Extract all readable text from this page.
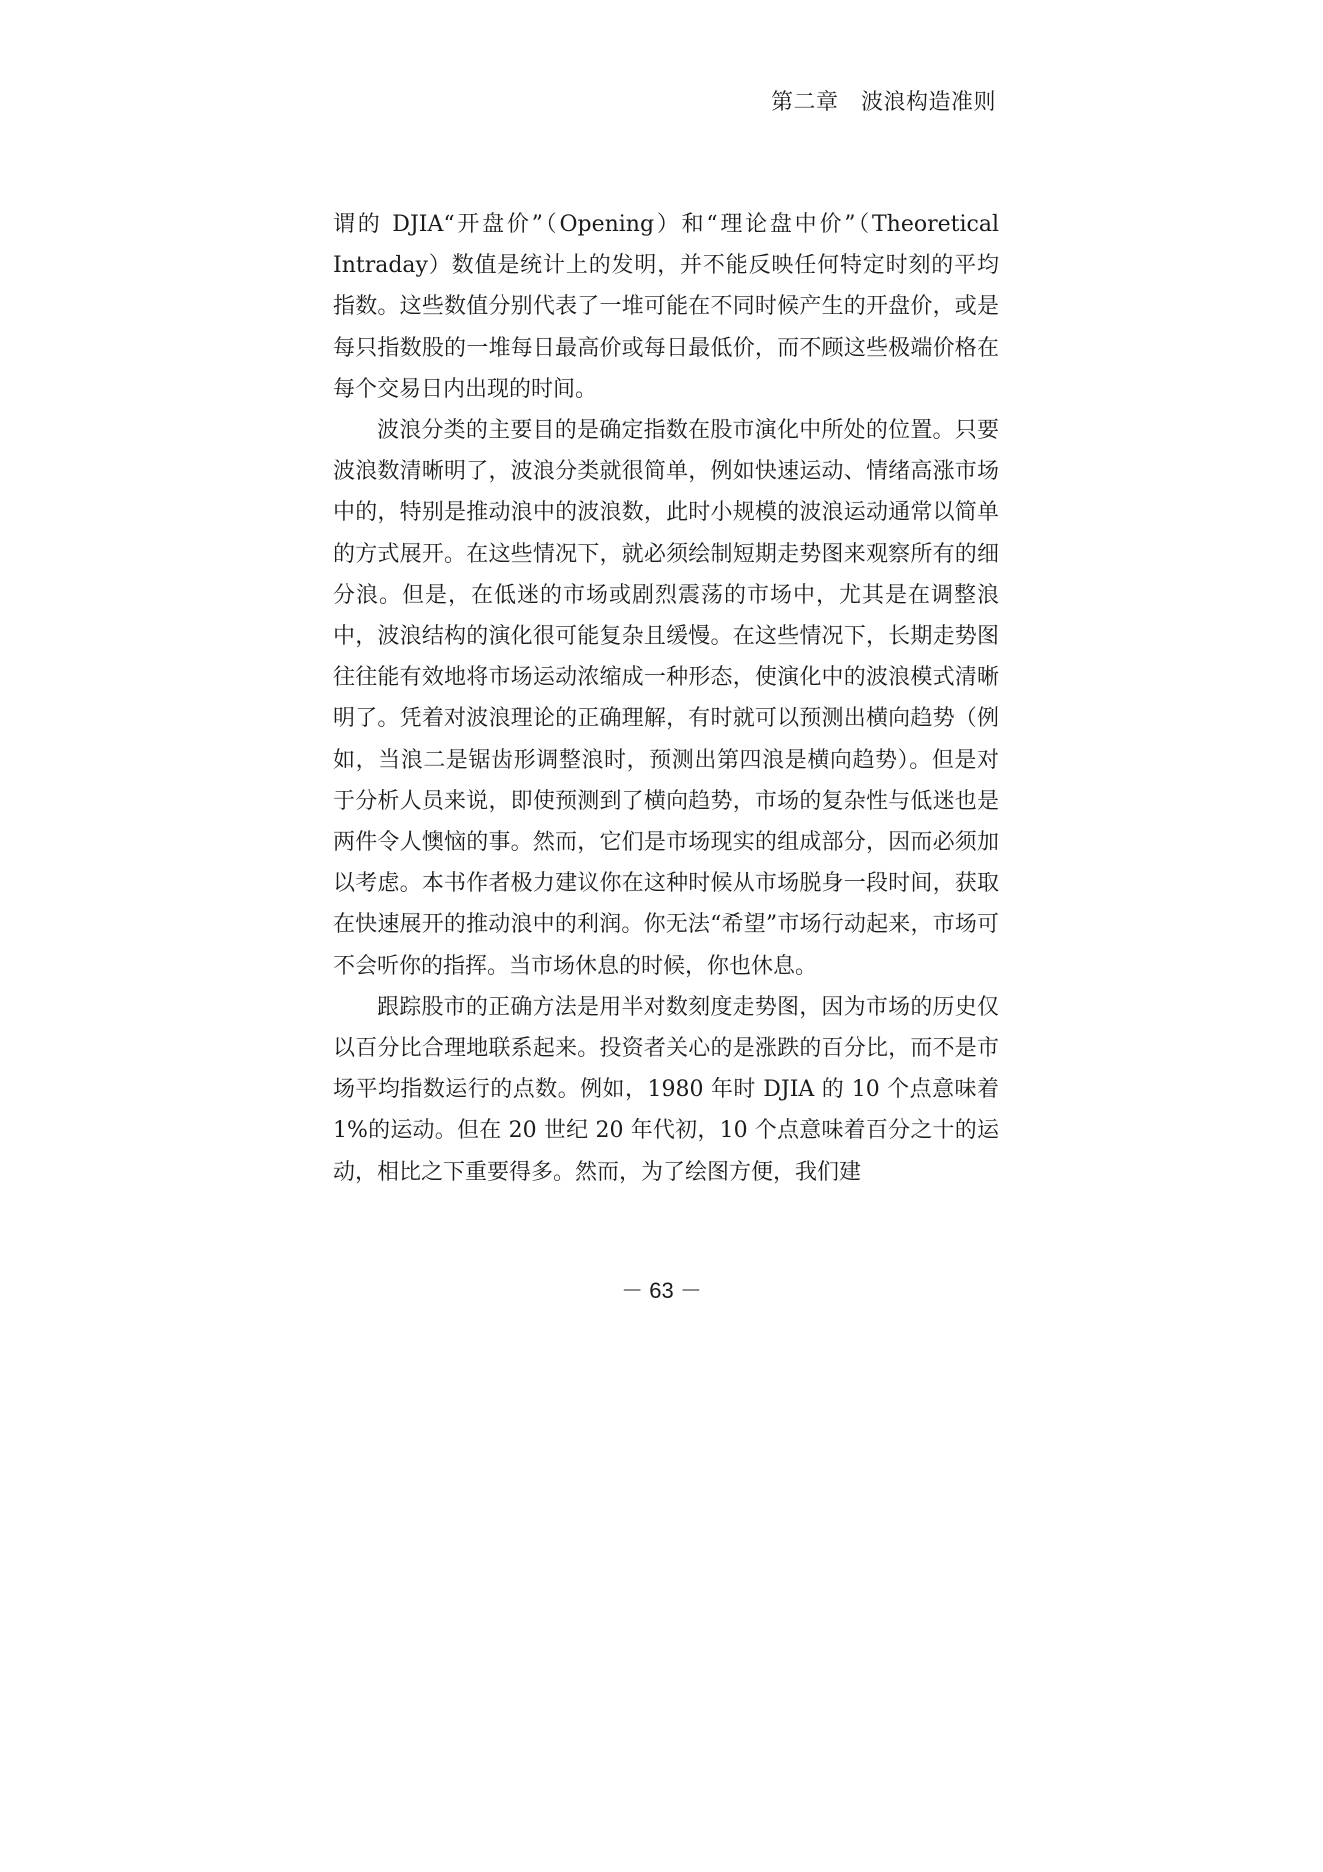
第二章　波浪构造准则

谓的 DJIA“开盘价”（Opening）和“理论盘中价”（Theoretical Intraday）数值是统计上的发明，并不能反映任何特定时刻的平均指数。这些数值分别代表了一堆可能在不同时候产生的开盘价，或是每只指数股的一堆每日最高价或每日最低价，而不顾这些极端价格在每个交易日内出现的时间。

波浪分类的主要目的是确定指数在股市演化中所处的位置。只要波浪数清晰明了，波浪分类就很简单，例如快速运动、情绪高涨市场中的，特别是推动浪中的波浪数，此时小规模的波浪运动通常以简单的方式展开。在这些情况下，就必须绘制短期走势图来观察所有的细分浪。但是，在低迷的市场或剧烈震荡的市场中，尤其是在调整浪中，波浪结构的演化很可能复杂且缓慢。在这些情况下，长期走势图往往能有效地将市场运动浓缩成一种形态，使演化中的波浪模式清晰明了。凭着对波浪理论的正确理解，有时就可以预测出横向趋势（例如，当浪二是锯齿形调整浪时，预测出第四浪是横向趋势）。但是对于分析人员来说，即使预测到了横向趋势，市场的复杂性与低迷也是两件令人懊恼的事。然而，它们是市场现实的组成部分，因而必须加以考虑。本书作者极力建议你在这种时候从市场脱身一段时间，获取在快速展开的推动浪中的利润。你无法“希望”市场行动起来，市场可不会听你的指挥。当市场休息的时候，你也休息。

跟踪股市的正确方法是用半对数刻度走势图，因为市场的历史仅以百分比合理地联系起来。投资者关心的是涨跌的百分比，而不是市场平均指数运行的点数。例如，1980 年时 DJIA 的 10 个点意味着 1%的运动。但在 20 世纪 20 年代初，10 个点意味着百分之十的运动，相比之下重要得多。然而，为了绘图方便，我们建

－ 63 －
